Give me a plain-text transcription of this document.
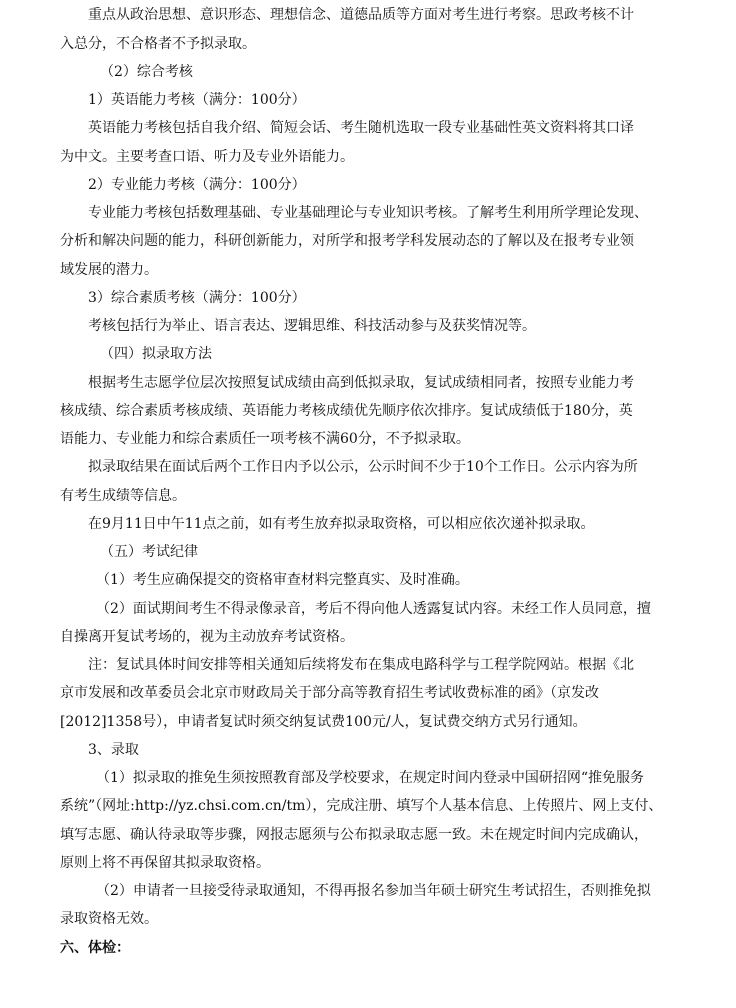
重点从政治思想、意识形态、理想信念、道德品质等方面对考生进行考察。思政考核不计
入总分，不合格者不予拟录取。
（2）综合考核
1）英语能力考核（满分：100分）
英语能力考核包括自我介绍、简短会话、考生随机选取一段专业基础性英文资料将其口译
为中文。主要考查口语、听力及专业外语能力。
2）专业能力考核（满分：100分）
专业能力考核包括数理基础、专业基础理论与专业知识考核。了解考生利用所学理论发现、
分析和解决问题的能力，科研创新能力，对所学和报考学科发展动态的了解以及在报考专业领
域发展的潜力。
3）综合素质考核（满分：100分）
考核包括行为举止、语言表达、逻辑思维、科技活动参与及获奖情况等。
（四）拟录取方法
根据考生志愿学位层次按照复试成绩由高到低拟录取，复试成绩相同者，按照专业能力考
核成绩、综合素质考核成绩、英语能力考核成绩优先顺序依次排序。复试成绩低于180分，英
语能力、专业能力和综合素质任一项考核不满60分，不予拟录取。
拟录取结果在面试后两个工作日内予以公示，公示时间不少于10个工作日。公示内容为所
有考生成绩等信息。
在9月11日中午11点之前，如有考生放弃拟录取资格，可以相应依次递补拟录取。
（五）考试纪律
（1）考生应确保提交的资格审查材料完整真实、及时准确。
（2）面试期间考生不得录像录音，考后不得向他人透露复试内容。未经工作人员同意，擅
自操离开复试考场的，视为主动放弃考试资格。
注：复试具体时间安排等相关通知后续将发布在集成电路科学与工程学院网站。根据《北
京市发展和改革委员会北京市财政局关于部分高等教育招生考试收费标准的函》（京发改
[2012]1358号），申请者复试时须交纳复试费100元/人，复试费交纳方式另行通知。
3、录取
（1）拟录取的推免生须按照教育部及学校要求，在规定时间内登录中国研招网“推免服务
系统”（网址:http://yz.chsi.com.cn/tm），完成注册、填写个人基本信息、上传照片、网上支付、
填写志愿、确认待录取等步骤，网报志愿须与公布拟录取志愿一致。未在规定时间内完成确认，
原则上将不再保留其拟录取资格。
（2）申请者一旦接受待录取通知，不得再报名参加当年硕士研究生考试招生，否则推免拟
录取资格无效。
六、体检：
